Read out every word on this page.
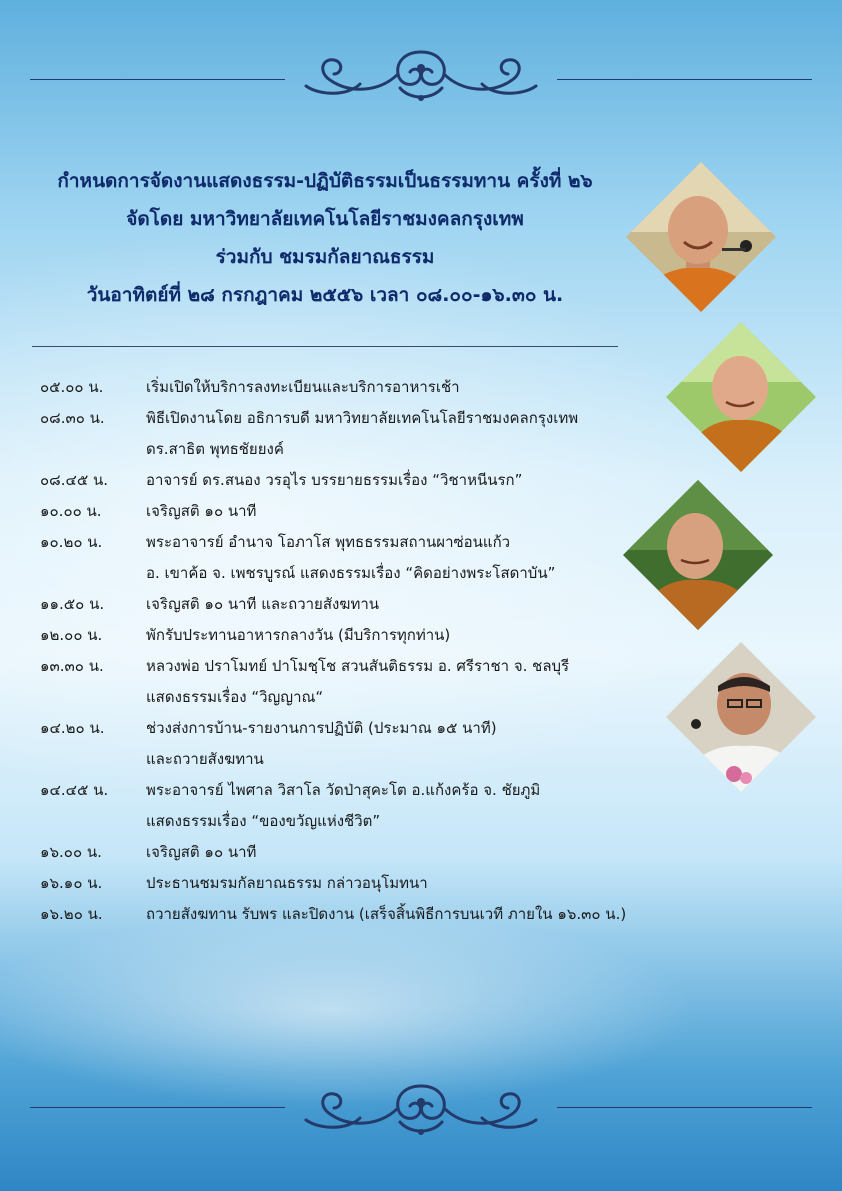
กำหนดการจัดงานแสดงธรรม-ปฏิบัติธรรมเป็นธรรมทาน ครั้งที่ ๒๖
จัดโดย มหาวิทยาลัยเทคโนโลยีราชมงคลกรุงเทพ
ร่วมกับ ชมรมกัลยาณธรรม
วันอาทิตย์ที่ ๒๘ กรกฎาคม ๒๕๕๖ เวลา ๐๘.๐๐-๑๖.๓๐ น.
๐๕.๐๐ น.	เริ่มเปิดให้บริการลงทะเบียนและบริการอาหารเช้า
๐๘.๓๐ น.	พิธีเปิดงานโดย อธิการบดี มหาวิทยาลัยเทคโนโลยีราชมงคลกรุงเทพ
ดร.สาธิต พุทธชัยยงค์
๐๘.๔๕ น.	อาจารย์ ดร.สนอง วรอุไร บรรยายธรรมเรื่อง “วิชาหนีนรก”
๑๐.๐๐ น.	เจริญสติ ๑๐ นาที
๑๐.๒๐ น.	พระอาจารย์ อำนาจ โอภาโส พุทธธรรมสถานผาซ่อนแก้ว
อ. เขาค้อ จ. เพชรบูรณ์ แสดงธรรมเรื่อง “คิดอย่างพระโสดาบัน”
๑๑.๕๐ น.	เจริญสติ ๑๐ นาที และถวายสังฆทาน
๑๒.๐๐ น.	พักรับประทานอาหารกลางวัน (มีบริการทุกท่าน)
๑๓.๓๐ น.	หลวงพ่อ ปราโมทย์ ปาโมชฺโช สวนสันติธรรม อ. ศรีราชา จ. ชลบุรี
แสดงธรรมเรื่อง “วิญญาณ“
๑๔.๒๐ น.	ช่วงส่งการบ้าน-รายงานการปฏิบัติ (ประมาณ ๑๕ นาที)
และถวายสังฆทาน
๑๔.๔๕ น.	พระอาจารย์ ไพศาล วิสาโล วัดป่าสุคะโต อ.แก้งคร้อ จ. ชัยภูมิ
แสดงธรรมเรื่อง “ของขวัญแห่งชีวิต”
๑๖.๐๐ น.	เจริญสติ ๑๐ นาที
๑๖.๑๐ น.	ประธานชมรมกัลยาณธรรม กล่าวอนุโมทนา
๑๖.๒๐ น.	ถวายสังฆทาน รับพร และปิดงาน (เสร็จสิ้นพิธีการบนเวที ภายใน ๑๖.๓๐ น.)
